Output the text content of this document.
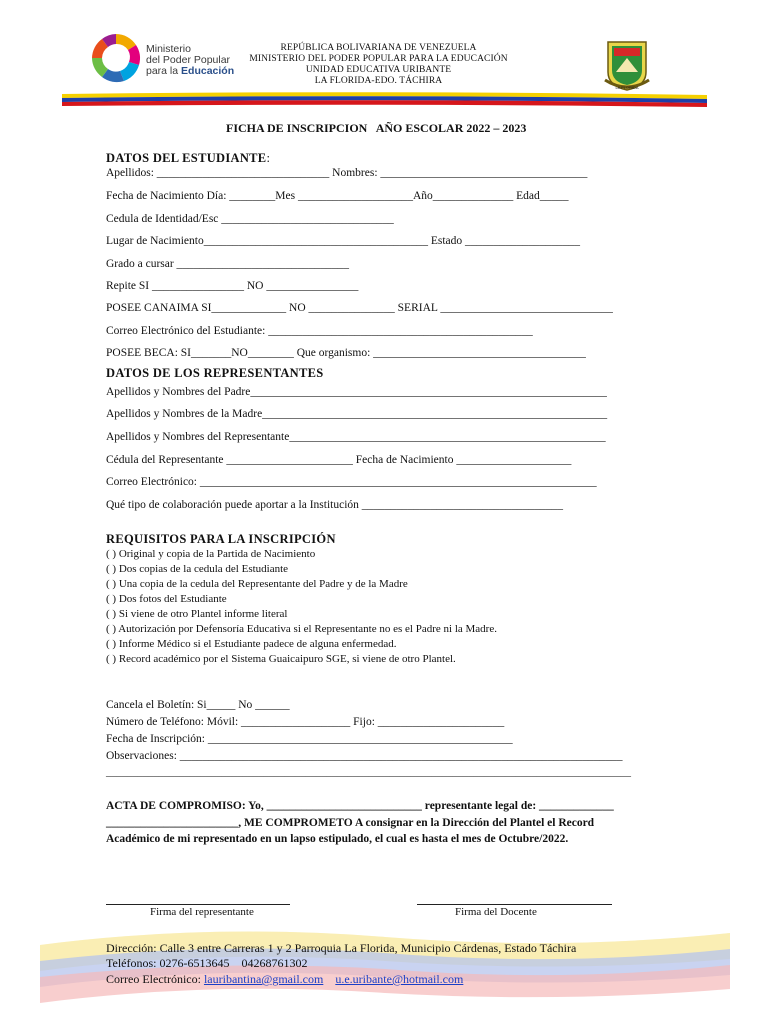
Ministerio
del Poder Popular
para la Educación
REPÚBLICA BOLIVARIANA DE VENEZUELA
MINISTERIO DEL PODER POPULAR PARA LA EDUCACIÓN
UNIDAD EDUCATIVA URIBANTE
LA FLORIDA-EDO. TÁCHIRA
LA FLORIDA
FICHA DE INSCRIPCION   AÑO ESCOLAR 2022 – 2023
DATOS DEL ESTUDIANTE:
Apellidos: ______________________________ Nombres: ____________________________________
Fecha de Nacimiento Día: ________Mes ____________________Año______________ Edad_____
Cedula de Identidad/Esc ______________________________
Lugar de Nacimiento_______________________________________ Estado ____________________
Grado a cursar ______________________________
Repite SI ________________ NO ________________
POSEE CANAIMA SI_____________ NO _______________ SERIAL ______________________________
Correo Electrónico del Estudiante: ______________________________________________
POSEE BECA: SI_______NO________ Que organismo: _____________________________________
DATOS DE LOS REPRESENTANTES
Apellidos y Nombres del Padre______________________________________________________________
Apellidos y Nombres de la Madre____________________________________________________________
Apellidos y Nombres del Representante_______________________________________________________
Cédula del Representante ______________________ Fecha de Nacimiento ____________________
Correo Electrónico: _____________________________________________________________________
Qué tipo de colaboración puede aportar a la Institución ___________________________________
REQUISITOS PARA LA INSCRIPCIÓN
( ) Original y copia de la Partida de Nacimiento
( ) Dos copias de la cedula del Estudiante
( ) Una copia de la cedula del Representante del Padre y de la Madre
( ) Dos fotos del Estudiante
( ) Si viene de otro Plantel informe literal
( ) Autorización por Defensoría Educativa si el Representante no es el Padre ni la Madre.
( ) Informe Médico si el Estudiante padece de alguna enfermedad.
( ) Record académico por el Sistema Guaicaipuro SGE, si viene de otro Plantel.
Cancela el Boletín: Si_____ No ______
Número de Teléfono: Móvil: ___________________ Fijo: ______________________
Fecha de Inscripción: _____________________________________________________
Observaciones: _____________________________________________________________________________
____________________________________________________________________________________________________
ACTA DE COMPROMISO: Yo, ___________________________ representante legal de: _____________
_______________________, ME COMPROMETO A consignar en la Dirección del Plantel el Record
Académico de mi representado en un lapso estipulado, el cual es hasta el mes de Octubre/2022.
Firma del representante	Firma del Docente
Dirección: Calle 3 entre Carreras 1 y 2 Parroquia La Florida, Municipio Cárdenas, Estado Táchira
Teléfonos: 0276-6513645    04268761302
Correo Electrónico: lauribantina@gmail.com u.e.uribante@hotmail.com
